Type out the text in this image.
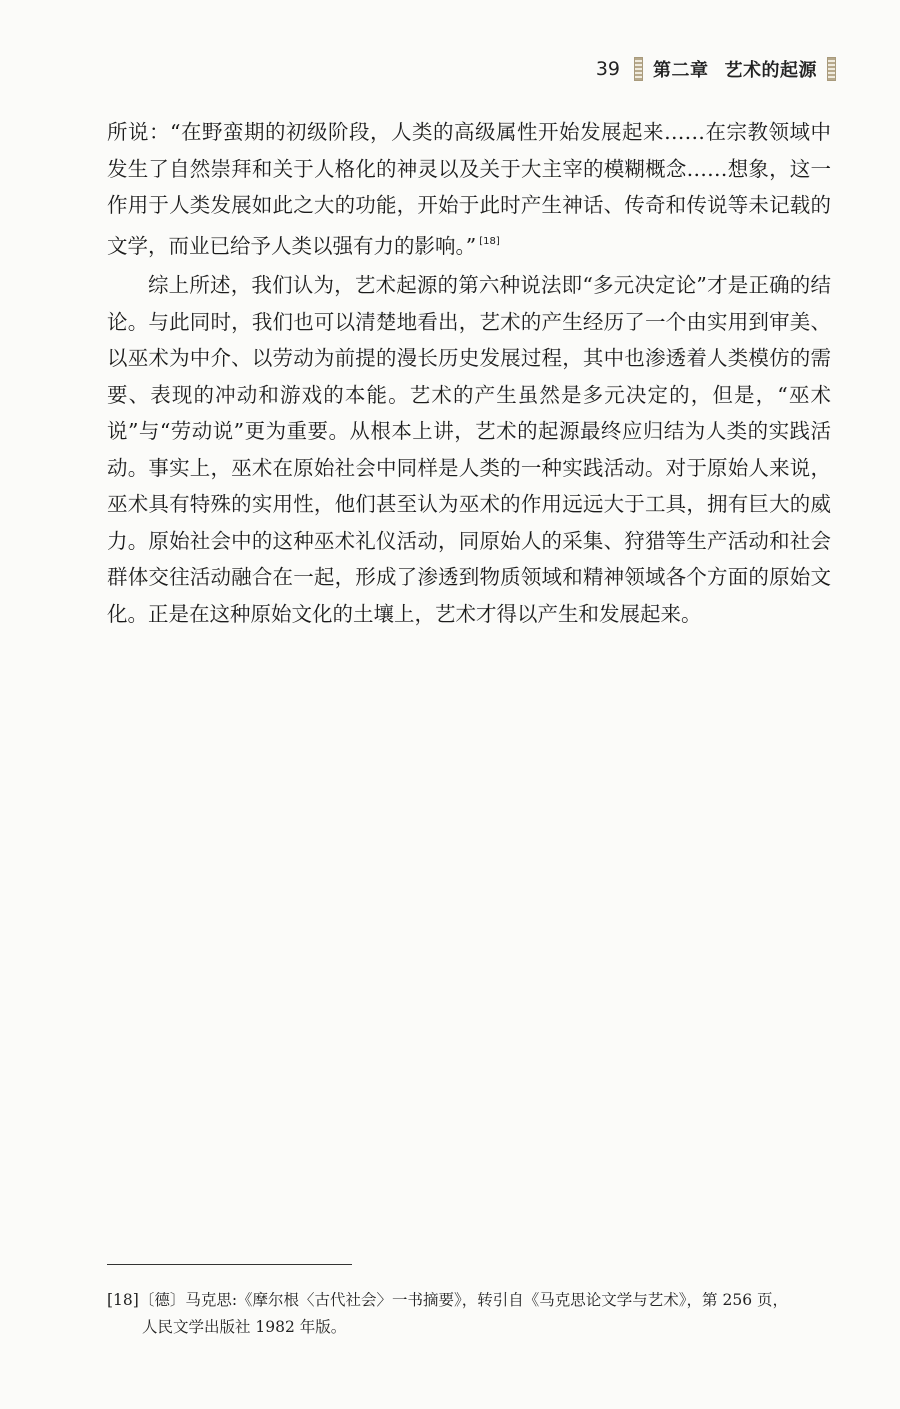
39 第二章 艺术的起源

所说：“在野蛮期的初级阶段，人类的高级属性开始发展起来……在宗教领域中发生了自然崇拜和关于人格化的神灵以及关于大主宰的模糊概念……想象，这一作用于人类发展如此之大的功能，开始于此时产生神话、传奇和传说等未记载的文学，而业已给予人类以强有力的影响。” [18]

综上所述，我们认为，艺术起源的第六种说法即“多元决定论”才是正确的结论。与此同时，我们也可以清楚地看出，艺术的产生经历了一个由实用到审美、以巫术为中介、以劳动为前提的漫长历史发展过程，其中也渗透着人类模仿的需要、表现的冲动和游戏的本能。艺术的产生虽然是多元决定的，但是，“巫术说”与“劳动说”更为重要。从根本上讲，艺术的起源最终应归结为人类的实践活动。事实上，巫术在原始社会中同样是人类的一种实践活动。对于原始人来说，巫术具有特殊的实用性，他们甚至认为巫术的作用远远大于工具，拥有巨大的威力。原始社会中的这种巫术礼仪活动，同原始人的采集、狩猎等生产活动和社会群体交往活动融合在一起，形成了渗透到物质领域和精神领域各个方面的原始文化。正是在这种原始文化的土壤上，艺术才得以产生和发展起来。

[18]〔德〕马克思:《摩尔根〈古代社会〉一书摘要》，转引自《马克思论文学与艺术》，第 256 页，

人民文学出版社 1982 年版。
